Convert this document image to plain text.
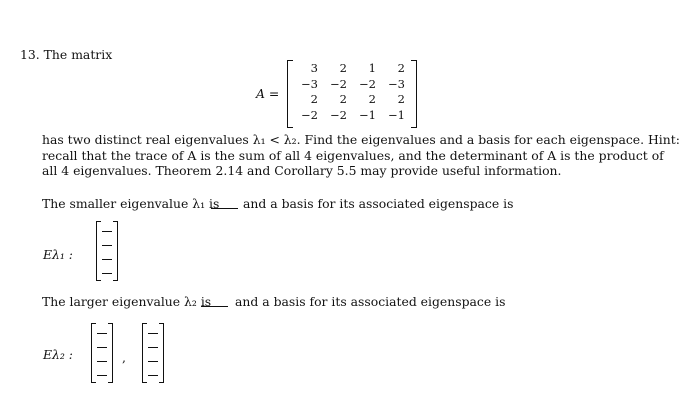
13. The matrix
A =
3	2	1	2
−3	−2	−2	−3
2	2	2	2
−2	−2	−1	−1
has two distinct real eigenvalues λ₁ < λ₂. Find the eigenvalues and a basis for each eigenspace. Hint:
recall that the trace of A is the sum of all 4 eigenvalues, and the determinant of A is the product of
all 4 eigenvalues. Theorem 2.14 and Corollary 5.5 may provide useful information.
The smaller eigenvalue λ₁ is and a basis for its associated eigenspace is
Eλ₁ :
The larger eigenvalue λ₂ is and a basis for its associated eigenspace is
Eλ₂ :	,
